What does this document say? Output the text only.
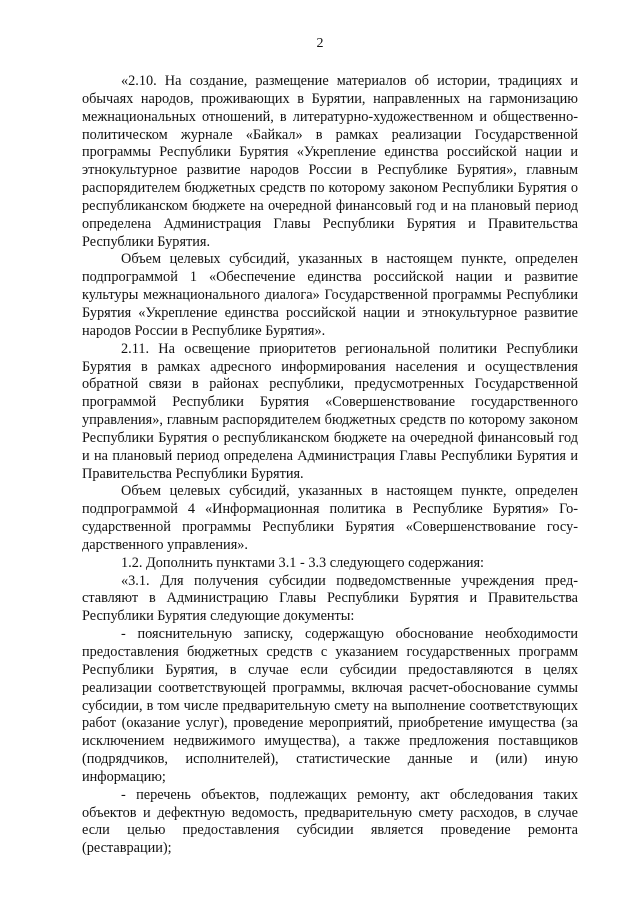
2

«2.10. На создание, размещение материалов об истории, традициях и обычаях народов, проживающих в Бурятии, направленных на гармонизацию межнациональных отношений, в литературно-художественном и общественно-политическом журнале «Байкал» в рамках реализации Государственной программы Республики Бурятия «Укрепление единства российской нации и этнокультурное развитие народов России в Республике Бурятия», главным распорядителем бюджетных средств по которому законом Республики Бурятия о республиканском бюджете на очередной финансовый год и на плановый период определена Администрация Главы Республики Бурятия и Правительства Республики Бурятия.

Объем целевых субсидий, указанных в настоящем пункте, определен подпрограммой 1 «Обеспечение единства российской нации и развитие культуры межнационального диалога» Государственной программы Республики Бурятия «Укрепление единства российской нации и этнокультурное развитие народов России в Республике Бурятия».

2.11. На освещение приоритетов региональной политики Республики Бурятия в рамках адресного информирования населения и осуществления обратной связи в районах республики, предусмотренных Государственной программой Республики Бурятия «Совершенствование государственного управления», главным распорядителем бюджетных средств по которому законом Республики Бурятия о республиканском бюджете на очередной финансовый год и на плановый период определена Администрация Главы Республики Бурятия и Правительства Республики Бурятия.

Объем целевых субсидий, указанных в настоящем пункте, определен подпрограммой 4 «Информационная политика в Республике Бурятия» Государственной программы Республики Бурятия «Совершенствование государственного управления».

1.2. Дополнить пунктами 3.1 - 3.3 следующего содержания:

«3.1. Для получения субсидии подведомственные учреждения представляют в Администрацию Главы Республики Бурятия и Правительства Республики Бурятия следующие документы:

- пояснительную записку, содержащую обоснование необходимости предоставления бюджетных средств с указанием государственных программ Республики Бурятия, в случае если субсидии предоставляются в целях реализации соответствующей программы, включая расчет-обоснование суммы субсидии, в том числе предварительную смету на выполнение соответствующих работ (оказание услуг), проведение мероприятий, приобретение имущества (за исключением недвижимого имущества), а также предложения поставщиков (подрядчиков, исполнителей), статистические данные и (или) иную информацию;

- перечень объектов, подлежащих ремонту, акт обследования таких объектов и дефектную ведомость, предварительную смету расходов, в случае если целью предоставления субсидии является проведение ремонта (реставрации);
